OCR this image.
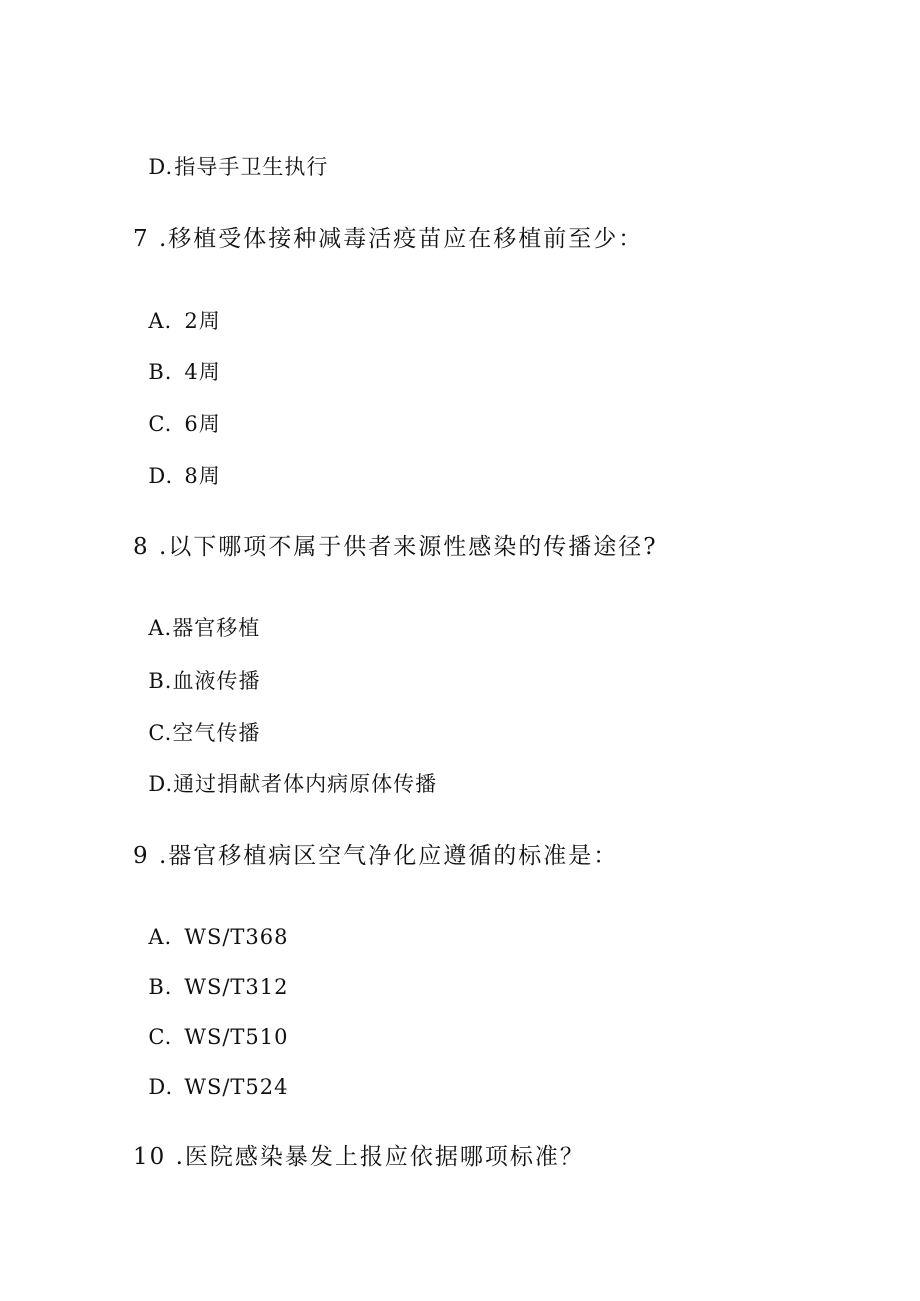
D.指导手卫生执行

7 .移植受体接种减毒活疫苗应在移植前至少：

A. 2周

B. 4周

C. 6周

D. 8周

8 .以下哪项不属于供者来源性感染的传播途径?

A.器官移植

B.血液传播

C.空气传播

D.通过捐献者体内病原体传播

9 .器官移植病区空气净化应遵循的标准是：

A. WS/T368

B. WS/T312

C. WS/T510

D. WS/T524

10 .医院感染暴发上报应依据哪项标准？
